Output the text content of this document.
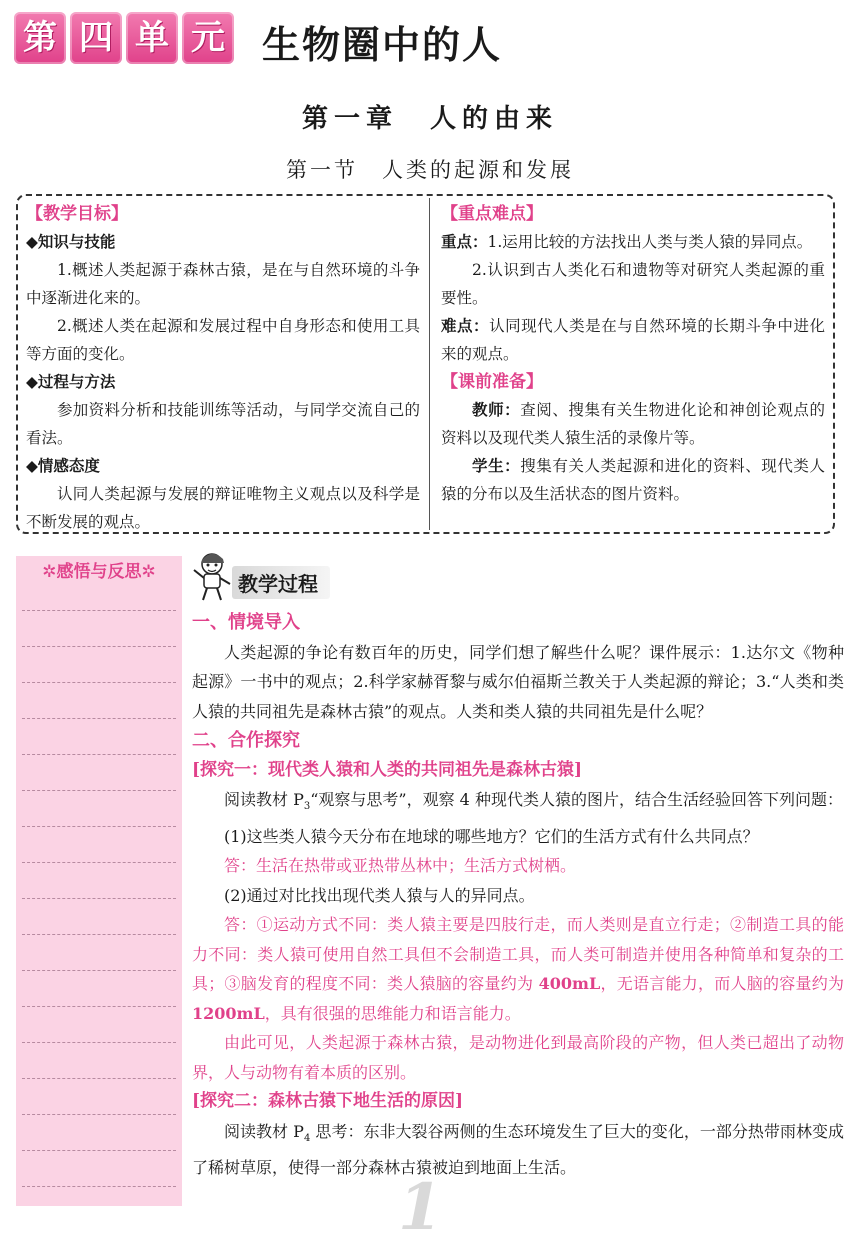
第 四 单 元 生物圈中的人
第一章　人的由来
第一节　人类的起源和发展
【教学目标】
◆知识与技能

1.概述人类起源于森林古猿，是在与自然环境的斗争中逐渐进化来的。

2.概述人类在起源和发展过程中自身形态和使用工具等方面的变化。

◆过程与方法

参加资料分析和技能训练等活动，与同学交流自己的看法。

◆情感态度

认同人类起源与发展的辩证唯物主义观点以及科学是不断发展的观点。

【重点难点】

重点：1.运用比较的方法找出人类与类人猿的异同点。

2.认识到古人类化石和遗物等对研究人类起源的重要性。

难点：认同现代人类是在与自然环境的长期斗争中进化来的观点。

【课前准备】

教师：查阅、搜集有关生物进化论和神创论观点的资料以及现代类人猿生活的录像片等。

学生：搜集有关人类起源和进化的资料、现代类人猿的分布以及生活状态的图片资料。

✲感悟与反思✲	教学过程
一、情境导入

人类起源的争论有数百年的历史，同学们想了解些什么呢？课件展示：1.达尔文《物种起源》一书中的观点；2.科学家赫胥黎与威尔伯福斯兰教关于人类起源的辩论；3.“人类和类人猿的共同祖先是森林古猿”的观点。人类和类人猿的共同祖先是什么呢？

二、合作探究
[探究一：现代类人猿和人类的共同祖先是森林古猿]

阅读教材 $P_3“$观察与思考”，观察 4 种现代类人猿的图片，结合生活经验回答下列问题：

(1)这些类人猿今天分布在地球的哪些地方？它们的生活方式有什么共同点？

答：生活在热带或亚热带丛林中；生活方式树栖。

(2)通过对比找出现代类人猿与人的异同点。

答：①运动方式不同：类人猿主要是四肢行走，而人类则是直立行走；②制造工具的能力不同：类人猿可使用自然工具但不会制造工具，而人类可制造并使用各种简单和复杂的工具；③脑发育的程度不同：类人猿脑的容量约为 400mL，无语言能力，而人脑的容量约为 1200mL，具有很强的思维能力和语言能力。

由此可见，人类起源于森林古猿，是动物进化到最高阶段的产物，但人类已超出了动物界，人与动物有着本质的区别。

[探究二：森林古猿下地生活的原因]

阅读教材 $P_4$ 思考：东非大裂谷两侧的生态环境发生了巨大的变化，一部分热带雨林变成了稀树草原，使得一部分森林古猿被迫到地面上生活。

1
